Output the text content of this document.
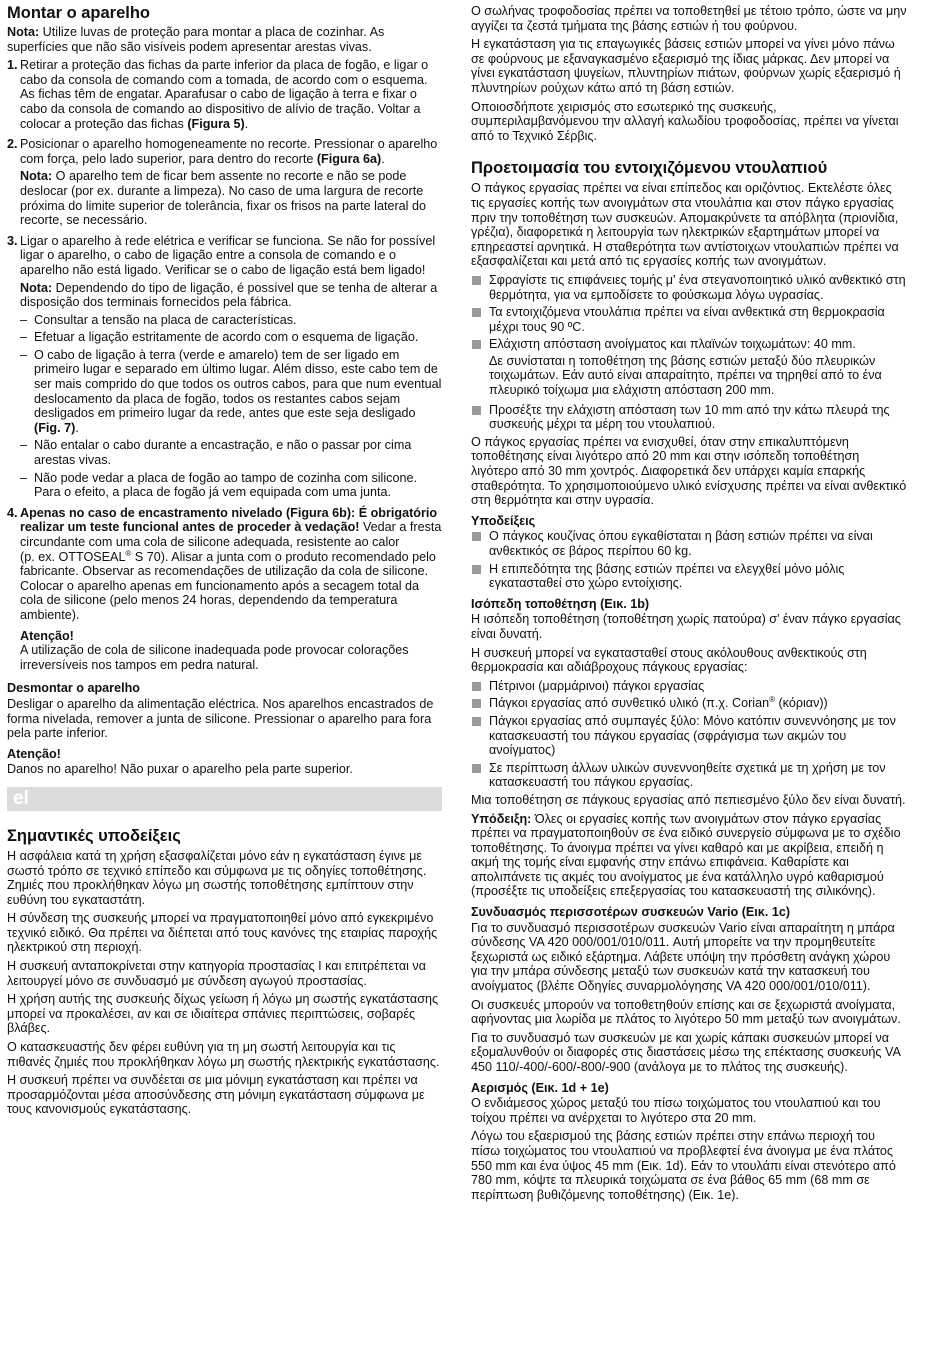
Montar o aparelho

Nota: Utilize luvas de proteção para montar a placa de cozinhar. As superfícies que não são visíveis podem apresentar arestas vivas.

1. Retirar a proteção das fichas da parte inferior da placa de fogão, e ligar o cabo da consola de comando com a tomada, de acordo com o esquema. As fichas têm de engatar. Aparafusar o cabo de ligação à terra e fixar o cabo da consola de comando ao dispositivo de alívio de tração. Voltar a colocar a proteção das fichas (Figura 5).

2. Posicionar o aparelho homogeneamente no recorte. Pressionar o aparelho com força, pelo lado superior, para dentro do recorte (Figura 6a).

Nota: O aparelho tem de ficar bem assente no recorte e não se pode deslocar (por ex. durante a limpeza). No caso de uma largura de recorte próxima do limite superior de tolerância, fixar os frisos na parte lateral do recorte, se necessário.

3. Ligar o aparelho à rede elétrica e verificar se funciona. Se não for possível ligar o aparelho, o cabo de ligação entre a consola de comando e o aparelho não está ligado. Verificar se o cabo de ligação está bem ligado!

Nota: Dependendo do tipo de ligação, é possível que se tenha de alterar a disposição dos terminais fornecidos pela fábrica.

– Consultar a tensão na placa de características.
– Efetuar a ligação estritamente de acordo com o esquema de ligação.
– O cabo de ligação à terra (verde e amarelo) tem de ser ligado em primeiro lugar e separado em último lugar. Além disso, este cabo tem de ser mais comprido do que todos os outros cabos, para que num eventual deslocamento da placa de fogão, todos os restantes cabos sejam desligados em primeiro lugar da rede, antes que este seja desligado (Fig. 7).
– Não entalar o cabo durante a encastração, e não o passar por cima arestas vivas.
– Não pode vedar a placa de fogão ao tampo de cozinha com silicone. Para o efeito, a placa de fogão já vem equipada com uma junta.
4. Apenas no caso de encastramento nivelado (Figura 6b): É obrigatório realizar um teste funcional antes de proceder à vedação! Vedar a fresta circundante com uma cola de silicone adequada, resistente ao calor
(p. ex. OTTOSEAL® S 70). Alisar a junta com o produto recomendado pelo fabricante. Observar as recomendações de utilização da cola de silicone. Colocar o aparelho apenas em funcionamento após a secagem total da cola de silicone (pelo menos 24 horas, dependendo da temperatura ambiente).

Atenção!

A utilização de cola de silicone inadequada pode provocar colorações irreversíveis nos tampos em pedra natural.

Desmontar o aparelho

Desligar o aparelho da alimentação eléctrica. Nos aparelhos encastrados de forma nivelada, remover a junta de silicone. Pressionar o aparelho para fora pela parte inferior.

Atenção!

Danos no aparelho! Não puxar o aparelho pela parte superior.

el
Σημαντικές υποδείξεις

Η ασφάλεια κατά τη χρήση εξασφαλίζεται μόνο εάν η εγκατάσταση έγινε με σωστό τρόπο σε τεχνικό επίπεδο και σύμφωνα με τις οδηγίες τοποθέτησης. Ζημιές που προκλήθηκαν λόγω μη σωστής τοποθέτησης εμπίπτουν στην ευθύνη του εγκαταστάτη.

Η σύνδεση της συσκευής μπορεί να πραγματοποιηθεί μόνο από εγκεκριμένο τεχνικό ειδικό. Θα πρέπει να διέπεται από τους κανόνες της εταιρίας παροχής ηλεκτρικού στη περιοχή.

Η συσκευή ανταποκρίνεται στην κατηγορία προστασίας I και επιτρέπεται να λειτουργεί μόνο σε συνδυασμό με σύνδεση αγωγού προστασίας.

Η χρήση αυτής της συσκευής δίχως γείωση ή λόγω μη σωστής εγκατάστασης μπορεί να προκαλέσει, αν και σε ιδιαίτερα σπάνιες περιπτώσεις, σοβαρές βλάβες.

Ο κατασκευαστής δεν φέρει ευθύνη για τη μη σωστή λειτουργία και τις πιθανές ζημιές που προκλήθηκαν λόγω μη σωστής ηλεκτρικής εγκατάστασης.

Η συσκευή πρέπει να συνδέεται σε μια μόνιμη εγκατάσταση και πρέπει να προσαρμόζονται μέσα αποσύνδεσης στη μόνιμη εγκατάσταση σύμφωνα με τους κανονισμούς εγκατάστασης.

Ο σωλήνας τροφοδοσίας πρέπει να τοποθετηθεί με τέτοιο τρόπο, ώστε να μην αγγίζει τα ζεστά τμήματα της βάσης εστιών ή του φούρνου.

Η εγκατάσταση για τις επαγωγικές βάσεις εστιών μπορεί να γίνει μόνο πάνω σε φούρνους με εξαναγκασμένο εξαερισμό της ίδιας μάρκας. Δεν μπορεί να γίνει εγκατάσταση ψυγείων, πλυντηρίων πιάτων, φούρνων χωρίς εξαερισμό ή πλυντηρίων ρούχων κάτω από τη βάση εστιών.

Οποιοσδήποτε χειρισμός στο εσωτερικό της συσκευής, συμπεριλαμβανόμενου την αλλαγή καλωδίου τροφοδοσίας, πρέπει να γίνεται από το Τεχνικό Σέρβις.

Προετοιμασία του εντοιχιζόμενου ντουλαπιού

Ο πάγκος εργασίας πρέπει να είναι επίπεδος και οριζόντιος. Εκτελέστε όλες τις εργασίες κοπής των ανοιγμάτων στα ντουλάπια και στον πάγκο εργασίας πριν την τοποθέτηση των συσκευών. Απομακρύνετε τα απόβλητα (πριονίδια, γρέζια), διαφορετικά η λειτουργία των ηλεκτρικών εξαρτημάτων μπορεί να επηρεαστεί αρνητικά. Η σταθερότητα των αντίστοιχων ντουλαπιών πρέπει να εξασφαλίζεται και μετά από τις εργασίες κοπής των ανοιγμάτων.

Σφραγίστε τις επιφάνειες τομής μ’ ένα στεγανοποιητικό υλικό ανθεκτικό στη θερμότητα, για να εμποδίσετε το φούσκωμα λόγω υγρασίας.
Τα εντοιχιζόμενα ντουλάπια πρέπει να είναι ανθεκτικά στη θερμοκρασία μέχρι τους 90 ºC.

Ελάχιστη απόσταση ανοίγματος και πλαϊνών τοιχωμάτων: 40 mm.

Δε συνίσταται η τοποθέτηση της βάσης εστιών μεταξύ δύο πλευρικών τοιχωμάτων. Εάν αυτό είναι απαραίτητο, πρέπει να τηρηθεί από το ένα πλευρικό τοίχωμα μια ελάχιστη απόσταση 200 mm.

Προσέξτε την ελάχιστη απόσταση των 10 mm από την κάτω πλευρά της συσκευής μέχρι τα μέρη του ντουλαπιού.

Ο πάγκος εργασίας πρέπει να ενισχυθεί, όταν στην επικαλυπτόμενη τοποθέτησης είναι λιγότερο από 20 mm και στην ισόπεδη τοποθέτηση λιγότερο από 30 mm χοντρός. Διαφορετικά δεν υπάρχει καμία επαρκής σταθερότητα. Το χρησιμοποιούμενο υλικό ενίσχυσης πρέπει να είναι ανθεκτικό στη θερμότητα και στην υγρασία.

Υποδείξεις
Ο πάγκος κουζίνας όπου εγκαθίσταται η βάση εστιών πρέπει να είναι ανθεκτικός σε βάρος περίπου 60 kg.
Η επιπεδότητα της βάσης εστιών πρέπει να ελεγχθεί μόνο μόλις εγκατασταθεί στο χώρο εντοίχισης.
Ισόπεδη τοποθέτηση (Εικ. 1b)

Η ισόπεδη τοποθέτηση (τοποθέτηση χωρίς πατούρα) σ’ έναν πάγκο εργασίας είναι δυνατή.

Η συσκευή μπορεί να εγκατασταθεί στους ακόλουθους ανθεκτικούς στη θερμοκρασία και αδιάβροχους πάγκους εργασίας:

Πέτρινοι (μαρμάρινοι) πάγκοι εργασίας
Πάγκοι εργασίας από συνθετικό υλικό (π.χ. Corian® (κόριαν))
Πάγκοι εργασίας από συμπαγές ξύλο: Μόνο κατόπιν συνεννόησης με τον κατασκευαστή του πάγκου εργασίας (σφράγισμα των ακμών του ανοίγματος)
Σε περίπτωση άλλων υλικών συνεννοηθείτε σχετικά με τη χρήση με τον κατασκευαστή του πάγκου εργασίας.

Μια τοποθέτηση σε πάγκους εργασίας από πεπιεσμένο ξύλο δεν είναι δυνατή.

Υπόδειξη: Όλες οι εργασίες κοπής των ανοιγμάτων στον πάγκο εργασίας πρέπει να πραγματοποιηθούν σε ένα ειδικό συνεργείο σύμφωνα με το σχέδιο τοποθέτησης. Το άνοιγμα πρέπει να γίνει καθαρό και με ακρίβεια, επειδή η ακμή της τομής είναι εμφανής στην επάνω επιφάνεια. Καθαρίστε και απολιπάνετε τις ακμές του ανοίγματος με ένα κατάλληλο υγρό καθαρισμού (προσέξτε τις υποδείξεις επεξεργασίας του κατασκευαστή της σιλικόνης).

Συνδυασμός περισσοτέρων συσκευών Vario (Εικ. 1c)

Για το συνδυασμό περισσοτέρων συσκευών Vario είναι απαραίτητη η μπάρα σύνδεσης VA 420 000/001/010/011. Αυτή μπορείτε να την προμηθευτείτε ξεχωριστά ως ειδικό εξάρτημα. Λάβετε υπόψη την πρόσθετη ανάγκη χώρου για την μπάρα σύνδεσης μεταξύ των συσκευών κατά την κατασκευή του ανοίγματος (βλέπε Οδηγίες συναρμολόγησης VA 420 000/001/010/011).

Οι συσκευές μπορούν να τοποθετηθούν επίσης και σε ξεχωριστά ανοίγματα, αφήνοντας μια λωρίδα με πλάτος το λιγότερο 50 mm μεταξύ των ανοιγμάτων.

Για το συνδυασμό των συσκευών με και χωρίς κάπακι συσκευών μπορεί να εξομαλυνθούν οι διαφορές στις διαστάσεις μέσω της επέκτασης συσκευής VA 450 110/-400/-600/-800/-900 (ανάλογα με το πλάτος της συσκευής).

Αερισμός (Εικ. 1d + 1e)

Ο ενδιάμεσος χώρος μεταξύ του πίσω τοιχώματος του ντουλαπιού και του τοίχου πρέπει να ανέρχεται το λιγότερο στα 20 mm.

Λόγω του εξαερισμού της βάσης εστιών πρέπει στην επάνω περιοχή του πίσω τοιχώματος του ντουλαπιού να προβλεφτεί ένα άνοιγμα με ένα πλάτος 550 mm και ένα ύψος 45 mm (Εικ. 1d). Εάν το ντουλάπι είναι στενότερο από 780 mm, κόψτε τα πλευρικά τοιχώματα σε ένα βάθος 65 mm (68 mm σε περίπτωση βυθιζόμενης τοποθέτησης) (Εικ. 1e).
